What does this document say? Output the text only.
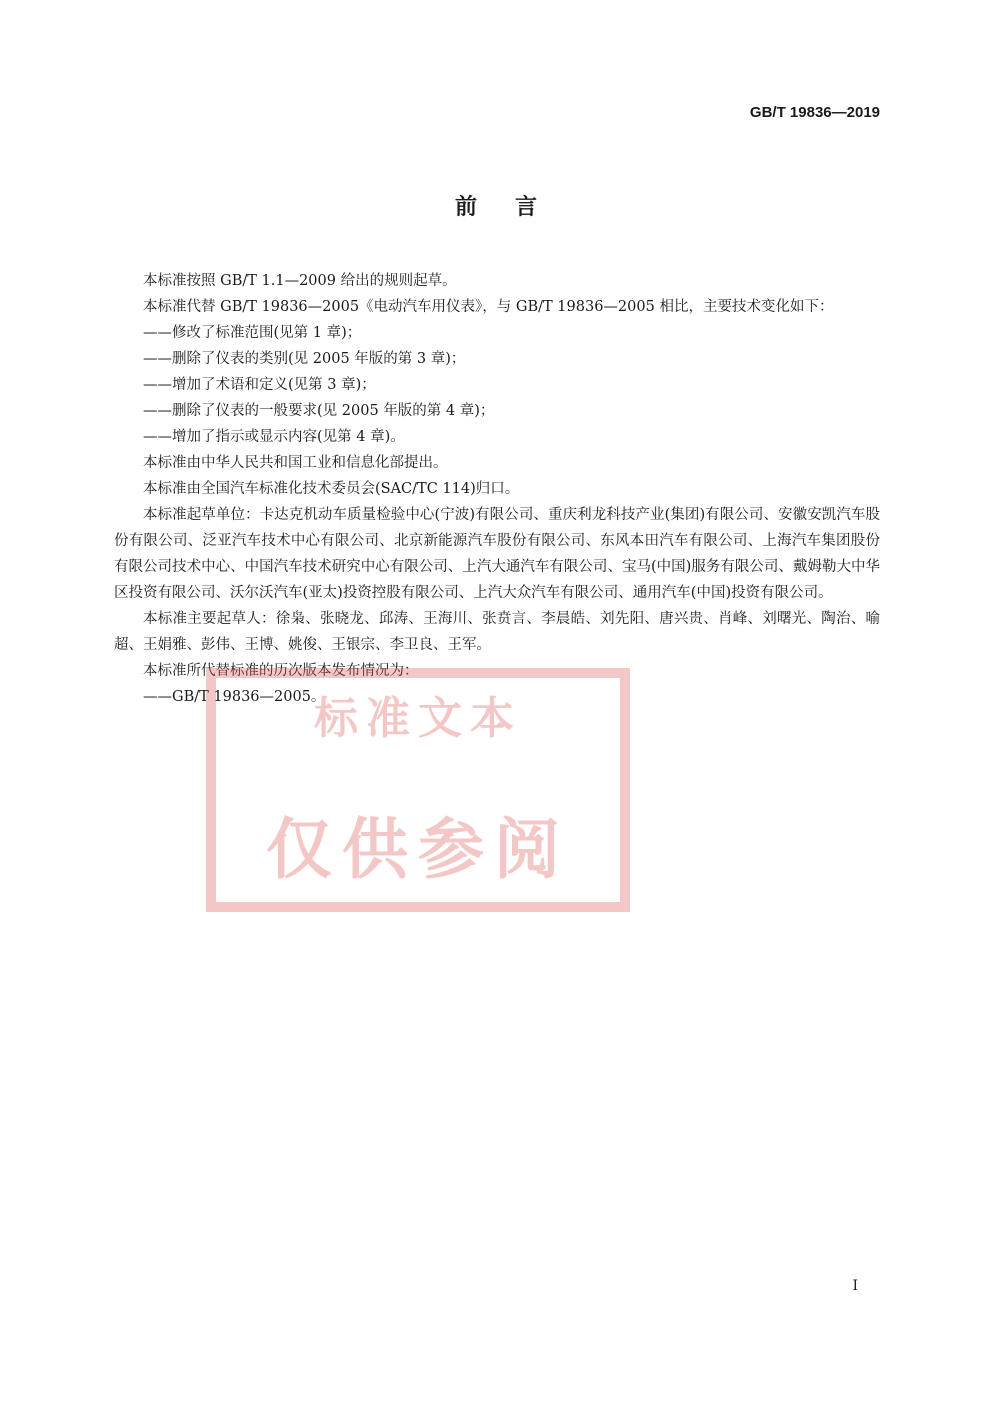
GB/T 19836—2019
前言

本标准按照 GB/T 1.1—2009 给出的规则起草。

本标准代替 GB/T 19836—2005《电动汽车用仪表》，与 GB/T 19836—2005 相比，主要技术变化如下：

——修改了标准范围(见第 1 章)；

——删除了仪表的类别(见 2005 年版的第 3 章)；

——增加了术语和定义(见第 3 章)；

——删除了仪表的一般要求(见 2005 年版的第 4 章)；

——增加了指示或显示内容(见第 4 章)。

本标准由中华人民共和国工业和信息化部提出。

本标准由全国汽车标准化技术委员会(SAC/TC 114)归口。

本标准起草单位：卡达克机动车质量检验中心(宁波)有限公司、重庆利龙科技产业(集团)有限公司、安徽安凯汽车股份有限公司、泛亚汽车技术中心有限公司、北京新能源汽车股份有限公司、东风本田汽车有限公司、上海汽车集团股份有限公司技术中心、中国汽车技术研究中心有限公司、上汽大通汽车有限公司、宝马(中国)服务有限公司、戴姆勒大中华区投资有限公司、沃尔沃汽车(亚太)投资控股有限公司、上汽大众汽车有限公司、通用汽车(中国)投资有限公司。

本标准主要起草人：徐枭、张晓龙、邱涛、王海川、张贲言、李晨皓、刘先阳、唐兴贵、肖峰、刘曙光、陶治、喻超、王娟雅、彭伟、王博、姚俊、王银宗、李卫良、王军。

本标准所代替标准的历次版本发布情况为：

——GB/T 19836—2005。

标准文本
仅供参阅
I
